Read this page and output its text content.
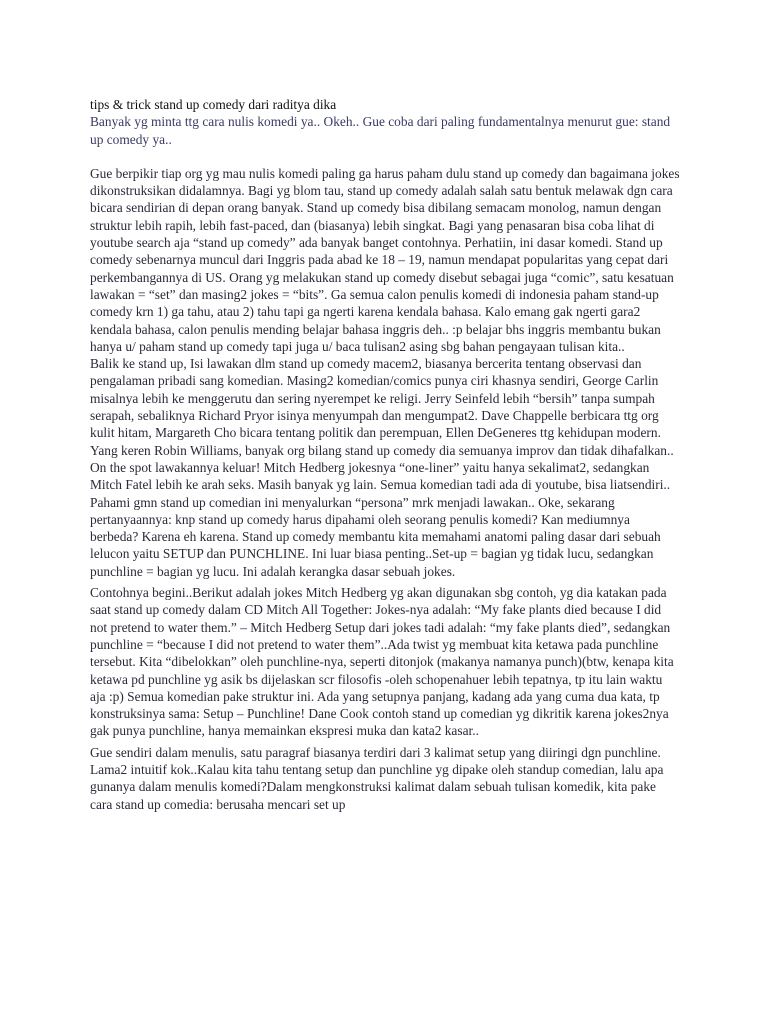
tips & trick stand up comedy dari raditya dika

Banyak yg minta ttg cara nulis komedi ya.. Okeh.. Gue coba dari paling fundamentalnya menurut gue: stand up comedy ya..

Gue berpikir tiap org yg mau nulis komedi paling ga harus paham dulu stand up comedy dan bagaimana jokes dikonstruksikan didalamnya. Bagi yg blom tau, stand up comedy adalah salah satu bentuk melawak dgn cara bicara sendirian di depan orang banyak. Stand up comedy bisa dibilang semacam monolog, namun dengan struktur lebih rapih, lebih fast-paced, dan (biasanya) lebih singkat. Bagi yang penasaran bisa coba lihat di youtube search aja “stand up comedy” ada banyak banget contohnya. Perhatiin, ini dasar komedi. Stand up comedy sebenarnya muncul dari Inggris pada abad ke 18 – 19, namun mendapat popularitas yang cepat dari perkembangannya di US. Orang yg melakukan stand up comedy disebut sebagai juga “comic”, satu kesatuan lawakan = “set” dan masing2 jokes = “bits”. Ga semua calon penulis komedi di indonesia paham stand-up comedy krn 1) ga tahu, atau 2) tahu tapi ga ngerti karena kendala bahasa. Kalo emang gak ngerti gara2 kendala bahasa, calon penulis mending belajar bahasa inggris deh.. :p belajar bhs inggris membantu bukan hanya u/ paham stand up comedy tapi juga u/ baca tulisan2 asing sbg bahan pengayaan tulisan kita..

Balik ke stand up, Isi lawakan dlm stand up comedy macem2, biasanya bercerita tentang observasi dan pengalaman pribadi sang komedian. Masing2 komedian/comics punya ciri khasnya sendiri, George Carlin misalnya lebih ke menggerutu dan sering nyerempet ke religi. Jerry Seinfeld lebih “bersih” tanpa sumpah serapah, sebaliknya Richard Pryor isinya menyumpah dan mengumpat2. Dave Chappelle berbicara ttg org kulit hitam, Margareth Cho bicara tentang politik dan perempuan, Ellen DeGeneres ttg kehidupan modern. Yang keren Robin Williams, banyak org bilang stand up comedy dia semuanya improv dan tidak dihafalkan.. On the spot lawakannya keluar! Mitch Hedberg jokesnya “one-liner” yaitu hanya sekalimat2, sedangkan Mitch Fatel lebih ke arah seks. Masih banyak yg lain. Semua komedian tadi ada di youtube, bisa liatsendiri.. Pahami gmn stand up comedian ini menyalurkan “persona” mrk menjadi lawakan.. Oke, sekarang pertanyaannya: knp stand up comedy harus dipahami oleh seorang penulis komedi? Kan mediumnya berbeda? Karena eh karena. Stand up comedy membantu kita memahami anatomi paling dasar dari sebuah lelucon yaitu SETUP dan PUNCHLINE. Ini luar biasa penting..Set-up = bagian yg tidak lucu, sedangkan punchline = bagian yg lucu. Ini adalah kerangka dasar sebuah jokes.

Contohnya begini..Berikut adalah jokes Mitch Hedberg yg akan digunakan sbg contoh, yg dia katakan pada saat stand up comedy dalam CD Mitch All Together: Jokes-nya adalah: “My fake plants died because I did not pretend to water them.” – Mitch Hedberg Setup dari jokes tadi adalah: “my fake plants died”, sedangkan punchline = “because I did not pretend to water them”..Ada twist yg membuat kita ketawa pada punchline tersebut. Kita “dibelokkan” oleh punchline-nya, seperti ditonjok (makanya namanya punch)(btw, kenapa kita ketawa pd punchline yg asik bs dijelaskan scr filosofis -oleh schopenahuer lebih tepatnya, tp itu lain waktu aja :p) Semua komedian pake struktur ini. Ada yang setupnya panjang, kadang ada yang cuma dua kata, tp konstruksinya sama: Setup – Punchline! Dane Cook contoh stand up comedian yg dikritik karena jokes2nya gak punya punchline, hanya memainkan ekspresi muka dan kata2 kasar..

Gue sendiri dalam menulis, satu paragraf biasanya terdiri dari 3 kalimat setup yang diiringi dgn punchline. Lama2 intuitif kok..Kalau kita tahu tentang setup dan punchline yg dipake oleh standup comedian, lalu apa gunanya dalam menulis komedi?Dalam mengkonstruksi kalimat dalam sebuah tulisan komedik, kita pake cara stand up comedia: berusaha mencari set up
